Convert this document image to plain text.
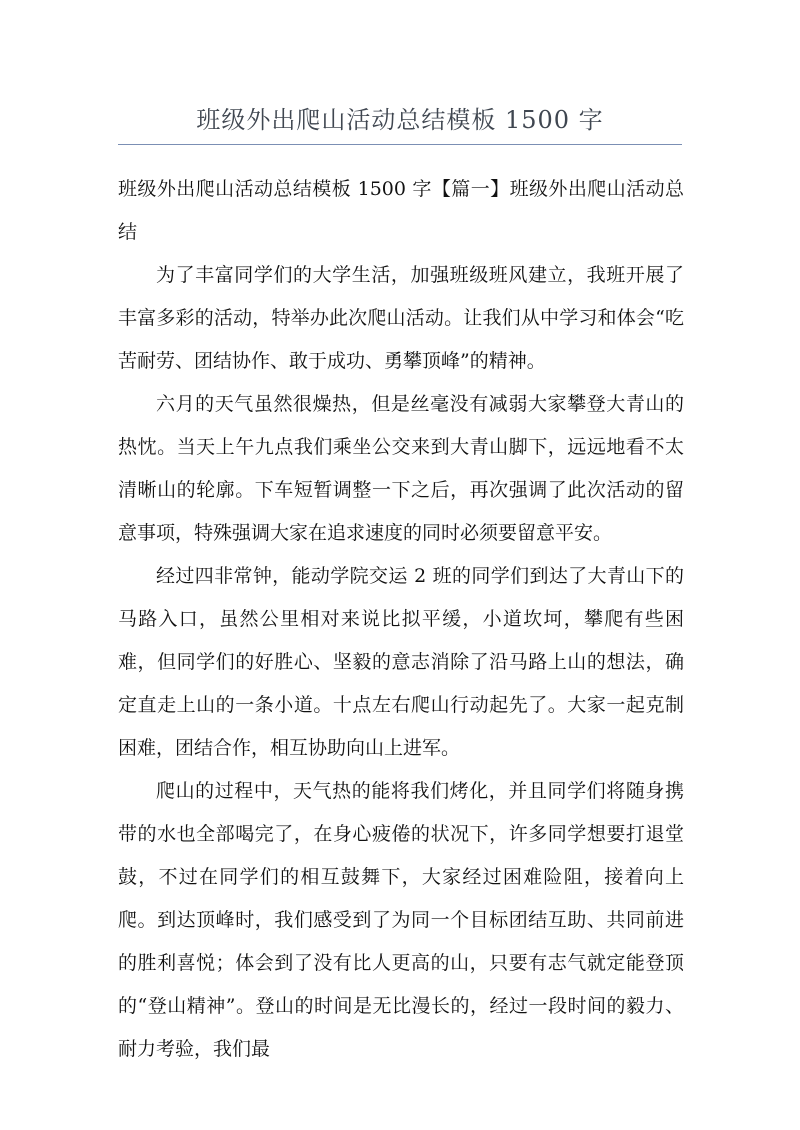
班级外出爬山活动总结模板 1500 字

班级外出爬山活动总结模板 1500 字【篇一】班级外出爬山活动总结

为了丰富同学们的大学生活，加强班级班风建立，我班开展了丰富多彩的活动，特举办此次爬山活动。让我们从中学习和体会“吃苦耐劳、团结协作、敢于成功、勇攀顶峰”的精神。

六月的天气虽然很燥热，但是丝毫没有减弱大家攀登大青山的热忱。当天上午九点我们乘坐公交来到大青山脚下，远远地看不太清晰山的轮廓。下车短暂调整一下之后，再次强调了此次活动的留意事项，特殊强调大家在追求速度的同时必须要留意平安。

经过四非常钟，能动学院交运 2 班的同学们到达了大青山下的马路入口，虽然公里相对来说比拟平缓，小道坎坷，攀爬有些困难，但同学们的好胜心、坚毅的意志消除了沿马路上山的想法，确定直走上山的一条小道。十点左右爬山行动起先了。大家一起克制困难，团结合作，相互协助向山上进军。

爬山的过程中，天气热的能将我们烤化，并且同学们将随身携带的水也全部喝完了，在身心疲倦的状况下，许多同学想要打退堂鼓，不过在同学们的相互鼓舞下，大家经过困难险阻，接着向上爬。到达顶峰时，我们感受到了为同一个目标团结互助、共同前进的胜利喜悦；体会到了没有比人更高的山，只要有志气就定能登顶的“登山精神”。登山的时间是无比漫长的，经过一段时间的毅力、耐力考验，我们最
